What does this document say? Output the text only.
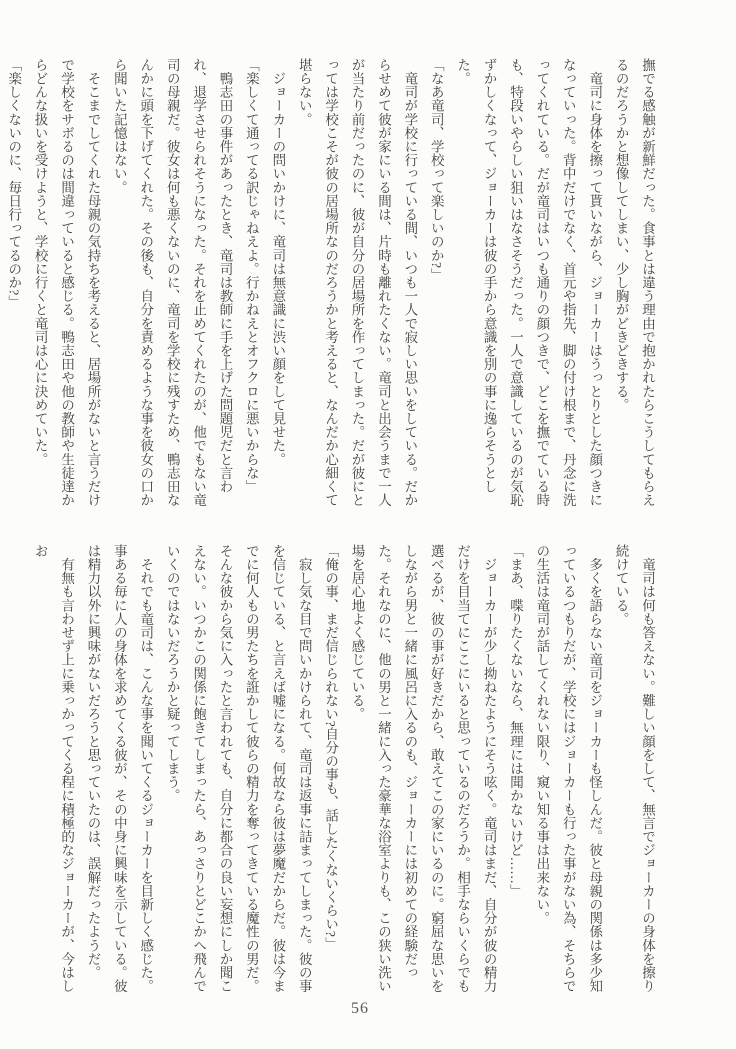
撫でる感触が新鮮だった。食事とは違う理由で抱かれたらこうしてもらえるのだろうかと想像してしまい、少し胸がどきどきする。

　竜司に身体を擦って貰いながら、ジョーカーはうっとりとした顔つきになっていった。背中だけでなく、首元や指先、脚の付け根まで、丹念に洗ってくれている。だが竜司はいつも通りの顔つきで、どこを撫でている時も、特段いやらしい狙いはなさそうだった。一人で意識しているのが気恥ずかしくなって、ジョーカーは彼の手から意識を別の事に逸らそうとした。

「なあ竜司、学校って楽しいのか?」

　竜司が学校に行っている間、いつも一人で寂しい思いをしている。だからせめて彼が家にいる間は、片時も離れたくない。竜司と出会うまで一人が当たり前だったのに、彼が自分の居場所を作ってしまった。だが彼にとっては学校こそが彼の居場所なのだろうかと考えると、なんだか心細くて堪らない。

　ジョーカーの問いかけに、竜司は無意識に渋い顔をして見せた。

「楽しくて通ってる訳じゃねえよ。行かねえとオフクロに悪いからな」

　鴨志田の事件があったとき、竜司は教師に手を上げた問題児だと言われ、退学させられそうになった。それを止めてくれたのが、他でもない竜司の母親だ。彼女は何も悪くないのに、竜司を学校に残すため、鴨志田なんかに頭を下げてくれた。その後も、自分を責めるような事を彼女の口から聞いた記憶はない。

　そこまでしてくれた母親の気持ちを考えると、居場所がないと言うだけで学校をサボるのは間違っていると感じる。鴨志田や他の教師や生徒達からどんな扱いを受けようと、学校に行くと竜司は心に決めていた。

「楽しくないのに、毎日行ってるのか?」

　竜司は何も答えない。難しい顔をして、無言でジョーカーの身体を擦り続けている。

　多くを語らない竜司をジョーカーも怪しんだ。彼と母親の関係は多少知っているつもりだが、学校にはジョーカーも行った事がない為、そちらでの生活は竜司が話してくれない限り、窺い知る事は出来ない。

「まあ、喋りたくないなら、無理には聞かないけど……」

　ジョーカーが少し拗ねたようにそう呟く。竜司はまだ、自分が彼の精力だけを目当てにここにいると思っているのだろうか。相手ならいくらでも選べるが、彼の事が好きだから、敢えてこの家にいるのに。窮屈な思いをしながら男と一緒に風呂に入るのも、ジョーカーには初めての経験だった。それなのに、他の男と一緒に入った豪華な浴室よりも、この狭い洗い場を居心地よく感じている。

「俺の事、まだ信じられない?自分の事も、話したくないくらい?」

　寂し気な目で問いかけられて、竜司は返事に詰まってしまった。彼の事を信じている、と言えば嘘になる。何故なら彼は夢魔だからだ。彼は今までに何人もの男たちを誑かして彼らの精力を奪ってきている魔性の男だ。そんな彼から気に入ったと言われても、自分に都合の良い妄想にしか聞こえない。いつかこの関係に飽きてしまったら、あっさりとどこかへ飛んでいくのではないだろうかと疑ってしまう。

　それでも竜司は、こんな事を聞いてくるジョーカーを目新しく感じた。事ある毎に人の身体を求めてくる彼が、その中身に興味を示している。彼は精力以外に興味がないだろうと思っていたのは、誤解だったようだ。

　有無も言わせず上に乗っかってくる程に積極的なジョーカーが、今はしお

56
